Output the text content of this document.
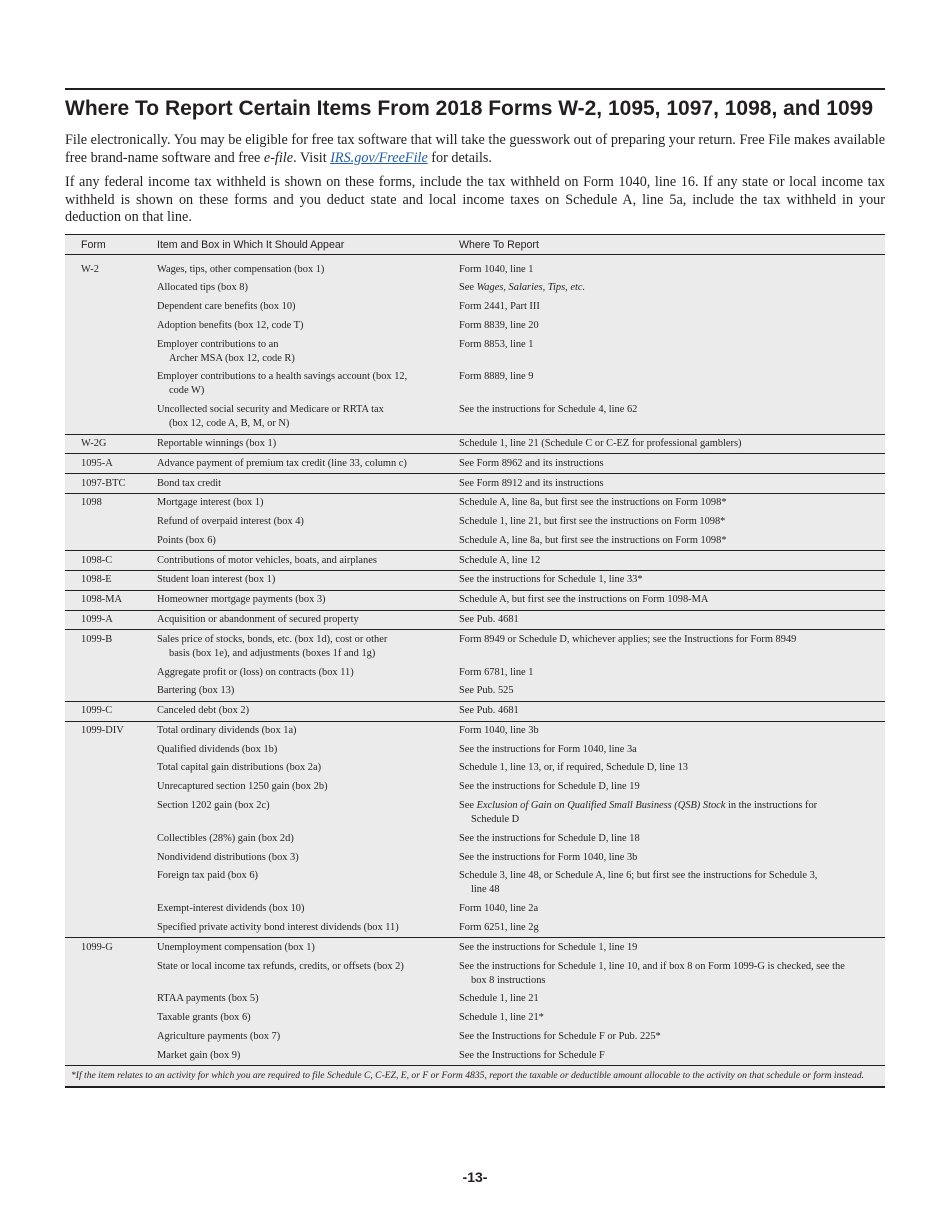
Where To Report Certain Items From 2018 Forms W-2, 1095, 1097, 1098, and 1099

File electronically. You may be eligible for free tax software that will take the guesswork out of preparing your return. Free File makes available free brand-name software and free e-file. Visit IRS.gov/FreeFile for details.

If any federal income tax withheld is shown on these forms, include the tax withheld on Form 1040, line 16. If any state or local income tax withheld is shown on these forms and you deduct state and local income taxes on Schedule A, line 5a, include the tax withheld in your deduction on that line.

Form	Item and Box in Which It Should Appear	Where To Report
W-2	Wages, tips, other compensation (box 1)	Form 1040, line 1
	Allocated tips (box 8)	See Wages, Salaries, Tips, etc.
	Dependent care benefits (box 10)	Form 2441, Part III
	Adoption benefits (box 12, code T)	Form 8839, line 20
	Employer contributions to an
Archer MSA (box 12, code R)	Form 8853, line 1
	Employer contributions to a health savings account (box 12,
code W)	Form 8889, line 9
	Uncollected social security and Medicare or RRTA tax
(box 12, code A, B, M, or N)	See the instructions for Schedule 4, line 62
W-2G	Reportable winnings (box 1)	Schedule 1, line 21 (Schedule C or C-EZ for professional gamblers)
1095-A	Advance payment of premium tax credit (line 33, column c)	See Form 8962 and its instructions
1097-BTC	Bond tax credit	See Form 8912 and its instructions
1098	Mortgage interest (box 1)	Schedule A, line 8a, but first see the instructions on Form 1098*
	Refund of overpaid interest (box 4)	Schedule 1, line 21, but first see the instructions on Form 1098*
	Points (box 6)	Schedule A, line 8a, but first see the instructions on Form 1098*
1098-C	Contributions of motor vehicles, boats, and airplanes	Schedule A, line 12
1098-E	Student loan interest (box 1)	See the instructions for Schedule 1, line 33*
1098-MA	Homeowner mortgage payments (box 3)	Schedule A, but first see the instructions on Form 1098-MA
1099-A	Acquisition or abandonment of secured property	See Pub. 4681
1099-B	Sales price of stocks, bonds, etc. (box 1d), cost or other
basis (box 1e), and adjustments (boxes 1f and 1g)	Form 8949 or Schedule D, whichever applies; see the Instructions for Form 8949
	Aggregate profit or (loss) on contracts (box 11)	Form 6781, line 1
	Bartering (box 13)	See Pub. 525
1099-C	Canceled debt (box 2)	See Pub. 4681
1099-DIV	Total ordinary dividends (box 1a)	Form 1040, line 3b
	Qualified dividends (box 1b)	See the instructions for Form 1040, line 3a
	Total capital gain distributions (box 2a)	Schedule 1, line 13, or, if required, Schedule D, line 13
	Unrecaptured section 1250 gain (box 2b)	See the instructions for Schedule D, line 19
	Section 1202 gain (box 2c)	See Exclusion of Gain on Qualified Small Business (QSB) Stock in the instructions for
Schedule D

	Collectibles (28%) gain (box 2d)	See the instructions for Schedule D, line 18
	Nondividend distributions (box 3)	See the instructions for Form 1040, line 3b
	Foreign tax paid (box 6)	Schedule 3, line 48, or Schedule A, line 6; but first see the instructions for Schedule 3,
line 48

	Exempt-interest dividends (box 10)	Form 1040, line 2a
	Specified private activity bond interest dividends (box 11)	Form 6251, line 2g
1099-G	Unemployment compensation (box 1)	See the instructions for Schedule 1, line 19
	State or local income tax refunds, credits, or offsets (box 2)	See the instructions for Schedule 1, line 10, and if box 8 on Form 1099-G is checked, see the
box 8 instructions

	RTAA payments (box 5)	Schedule 1, line 21
	Taxable grants (box 6)	Schedule 1, line 21*
	Agriculture payments (box 7)	See the Instructions for Schedule F or Pub. 225*
	Market gain (box 9)	See the Instructions for Schedule F
*If the item relates to an activity for which you are required to file Schedule C, C-EZ, E, or F or Form 4835, report the taxable or deductible amount allocable to the activity on that schedule or form instead.		
-13-
